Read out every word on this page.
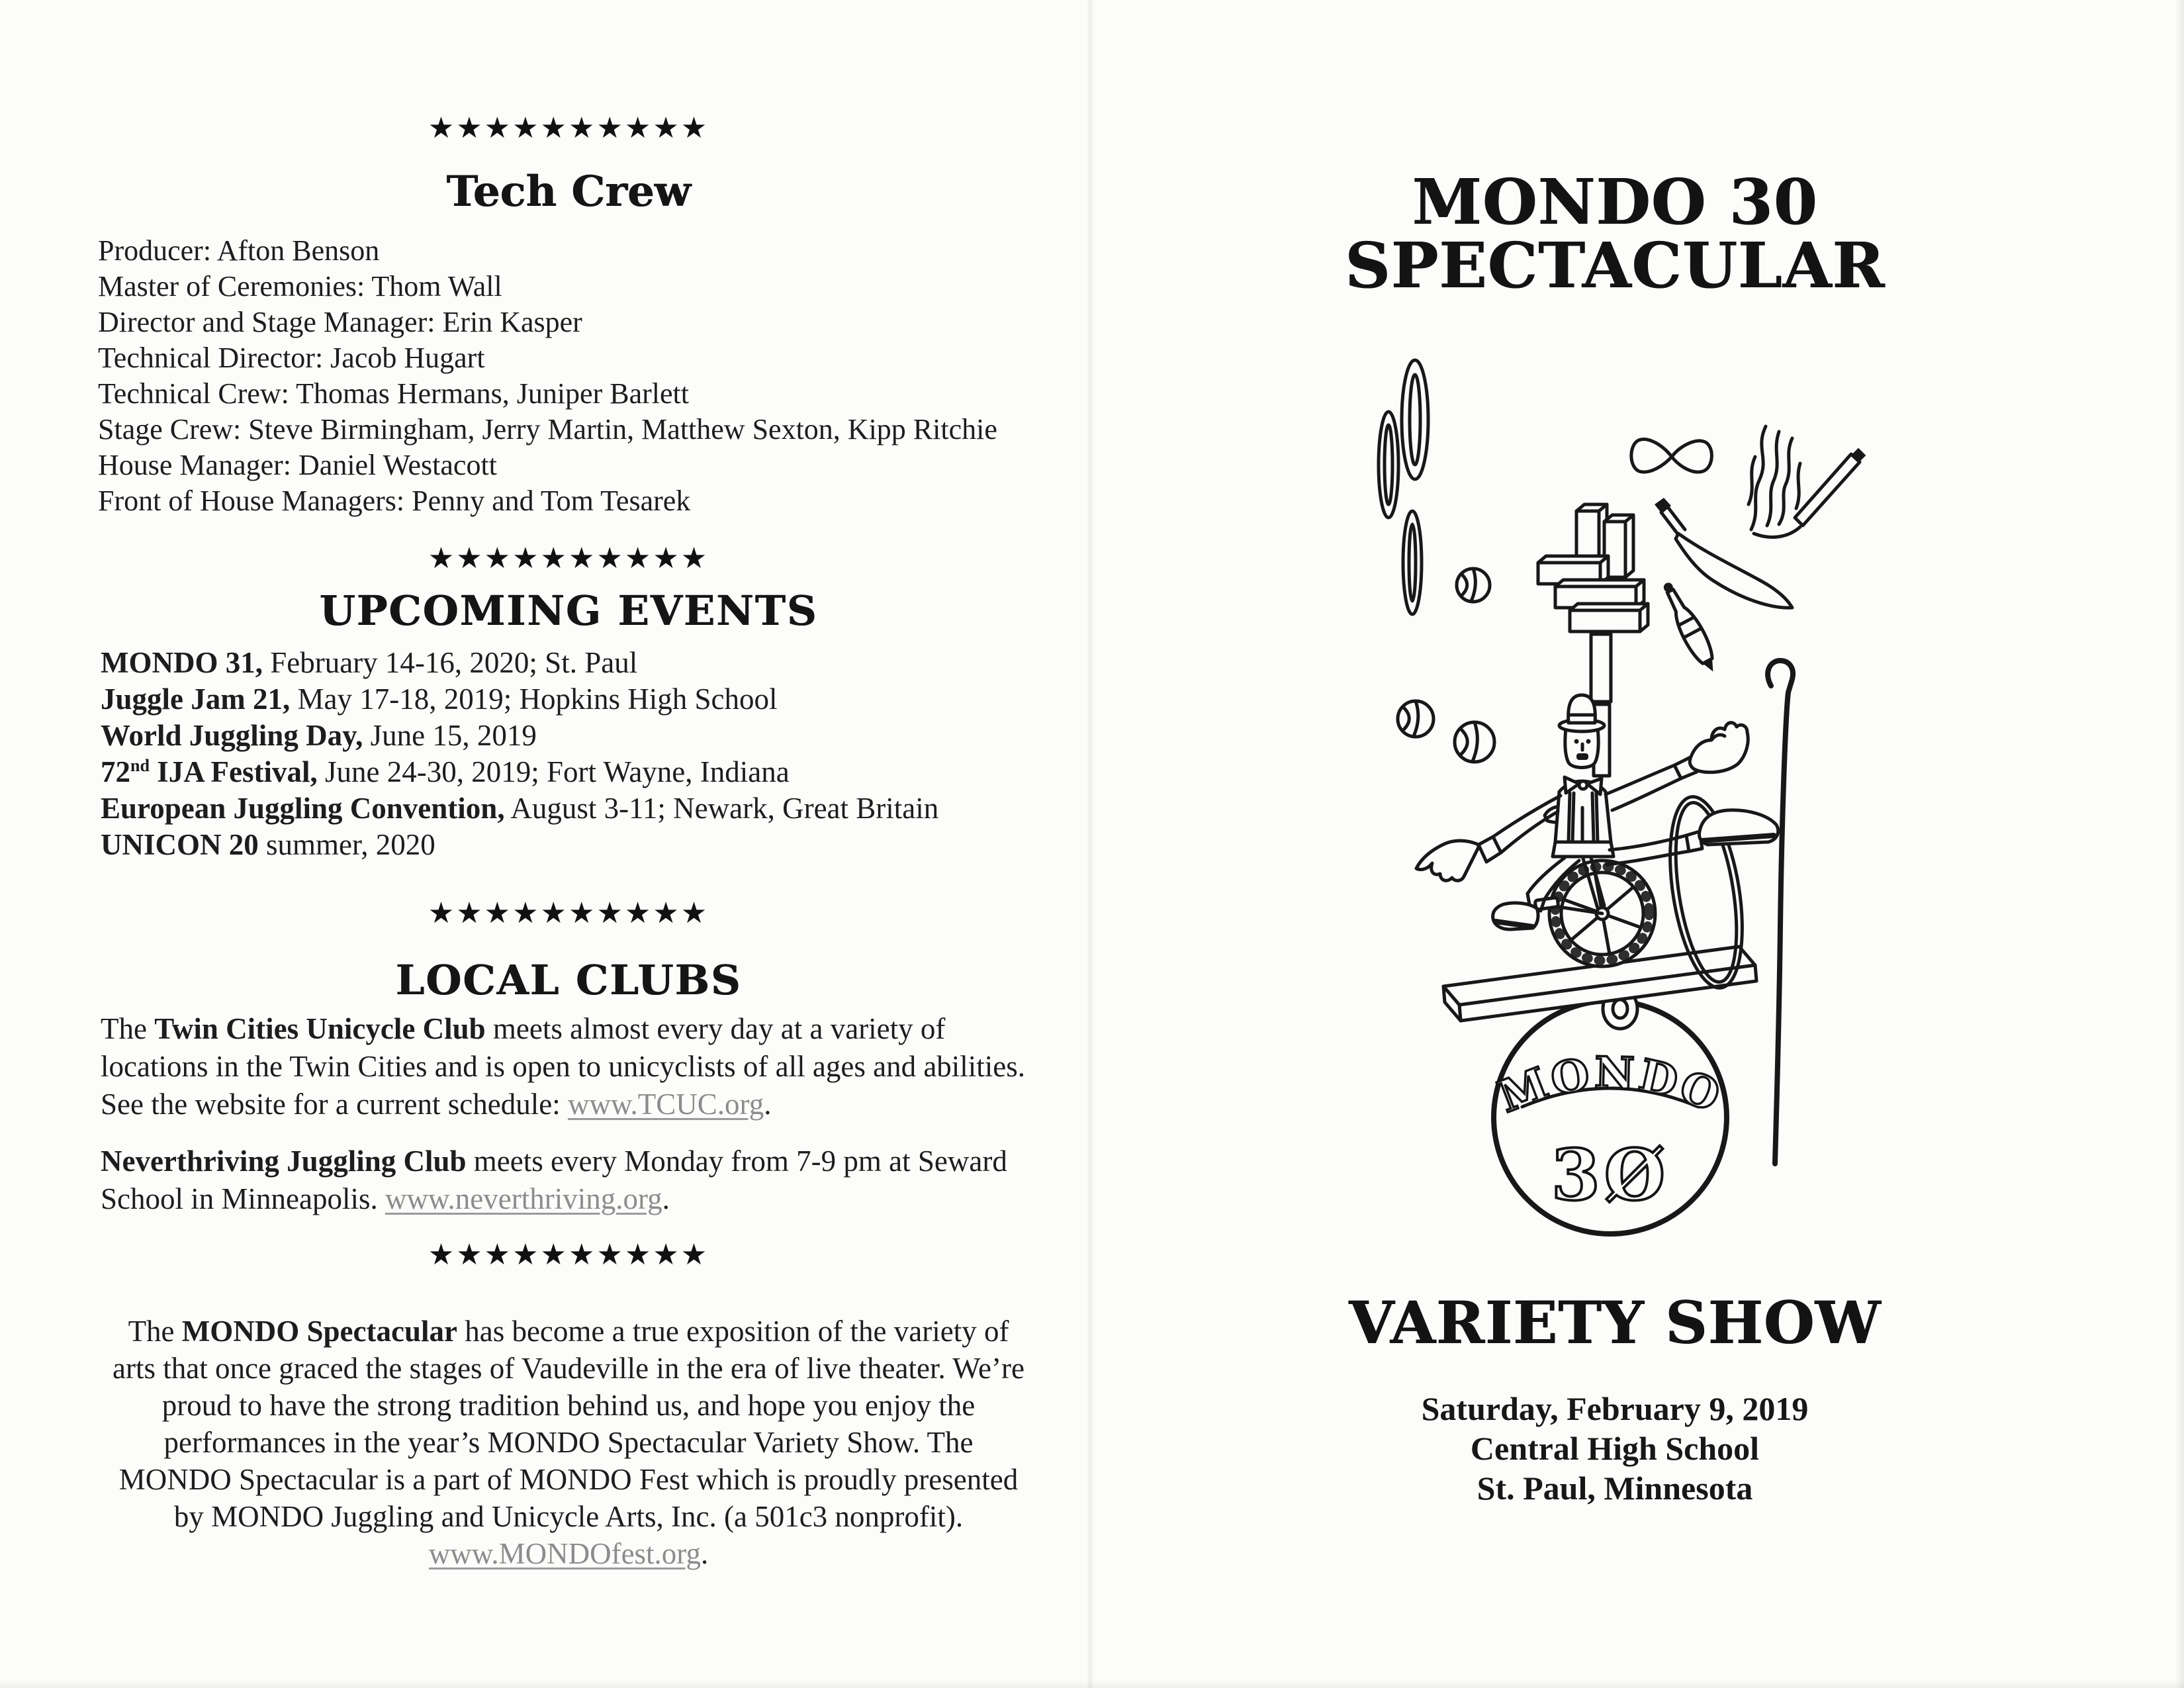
★★★★★★★★★★
Tech Crew
Producer: Afton Benson
Master of Ceremonies: Thom Wall
Director and Stage Manager: Erin Kasper
Technical Director: Jacob Hugart
Technical Crew: Thomas Hermans, Juniper Barlett
Stage Crew: Steve Birmingham, Jerry Martin, Matthew Sexton, Kipp Ritchie
House Manager: Daniel Westacott
Front of House Managers: Penny and Tom Tesarek
★★★★★★★★★★
UPCOMING EVENTS
MONDO 31, February 14-16, 2020; St. Paul
Juggle Jam 21, May 17-18, 2019; Hopkins High School
World Juggling Day, June 15, 2019
72nd IJA Festival, June 24-30, 2019; Fort Wayne, Indiana
European Juggling Convention, August 3-11; Newark, Great Britain
UNICON 20 summer, 2020
★★★★★★★★★★
LOCAL CLUBS

The Twin Cities Unicycle Club meets almost every day at a variety of locations in the Twin Cities and is open to unicyclists of all ages and abilities. See the website for a current schedule: www.TCUC.org.

Neverthriving Juggling Club meets every Monday from 7-9 pm at Seward School in Minneapolis. www.neverthriving.org.

★★★★★★★★★★

The MONDO Spectacular has become a true exposition of the variety of arts that once graced the stages of Vaudeville in the era of live theater. We’re proud to have the strong tradition behind us, and hope you enjoy the performances in the year’s MONDO Spectacular Variety Show. The MONDO Spectacular is a part of MONDO Fest which is proudly presented by MONDO Juggling and Unicycle Arts, Inc. (a 501c3 nonprofit). www.MONDOfest.org.

MONDO 30
SPECTACULAR
VARIETY SHOW
Saturday, February 9, 2019
Central High School
St. Paul, Minnesota
MONDO
3Ø
